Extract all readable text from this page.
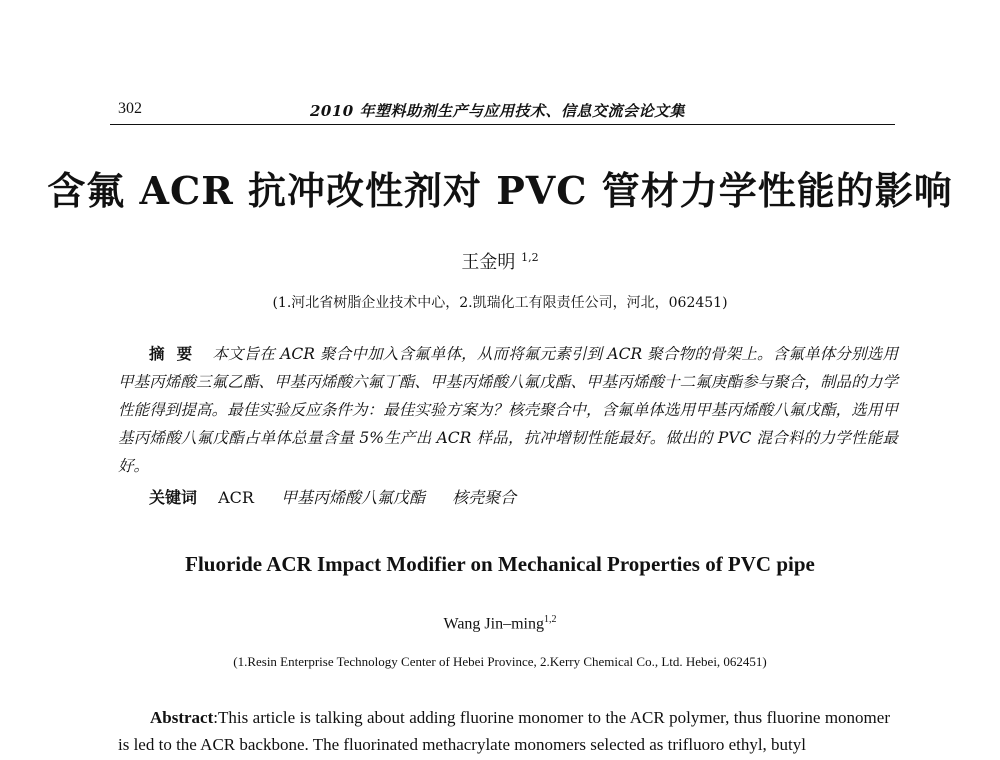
302	2010 年塑料助剂生产与应用技术、信息交流会论文集
含氟 ACR 抗冲改性剂对 PVC 管材力学性能的影响
王金明 $^{1,2}$
(1.河北省树脂企业技术中心，2.凯瑞化工有限责任公司，河北，062451)
摘要 本文旨在 ACR 聚合中加入含氟单体，从而将氟元素引到 ACR 聚合物的骨架上。含氟单体分别选用甲基丙烯酸三氟乙酯、甲基丙烯酸六氟丁酯、甲基丙烯酸八氟戊酯、甲基丙烯酸十二氟庚酯参与聚合，制品的力学性能得到提高。最佳实验反应条件为：最佳实验方案为？核壳聚合中，含氟单体选用甲基丙烯酸八氟戊酯，选用甲基丙烯酸八氟戊酯占单体总量含量 5%生产出 ACR 样品，抗冲增韧性能最好。做出的 PVC 混合料的力学性能最好。
关键词 ACR 甲基丙烯酸八氟戊酯 核壳聚合
Fluoride ACR Impact Modifier on Mechanical Properties of PVC pipe
Wang Jin–ming$^{1,2}$
(1.Resin Enterprise Technology Center of Hebei Province, 2.Kerry Chemical Co., Ltd. Hebei, 062451)
Abstract:This article is talking about adding fluorine monomer to the ACR polymer, thus fluorine monomer is led to the ACR backbone. The fluorinated methacrylate monomers selected as trifluoro ethyl, butyl
